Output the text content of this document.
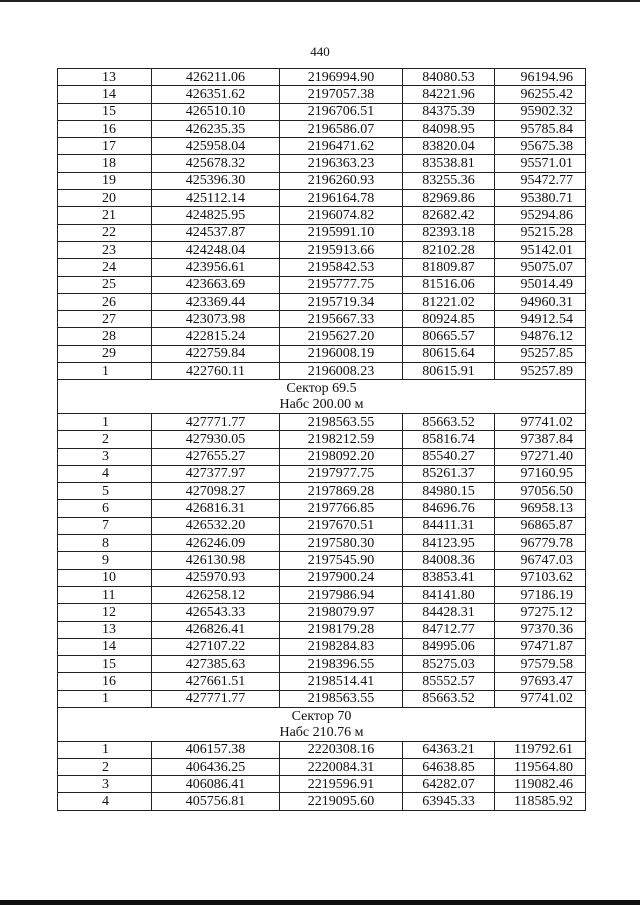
440
13	426211.06	2196994.90	84080.53	96194.96
14	426351.62	2197057.38	84221.96	96255.42
15	426510.10	2196706.51	84375.39	95902.32
16	426235.35	2196586.07	84098.95	95785.84
17	425958.04	2196471.62	83820.04	95675.38
18	425678.32	2196363.23	83538.81	95571.01
19	425396.30	2196260.93	83255.36	95472.77
20	425112.14	2196164.78	82969.86	95380.71
21	424825.95	2196074.82	82682.42	95294.86
22	424537.87	2195991.10	82393.18	95215.28
23	424248.04	2195913.66	82102.28	95142.01
24	423956.61	2195842.53	81809.87	95075.07
25	423663.69	2195777.75	81516.06	95014.49
26	423369.44	2195719.34	81221.02	94960.31
27	423073.98	2195667.33	80924.85	94912.54
28	422815.24	2195627.20	80665.57	94876.12
29	422759.84	2196008.19	80615.64	95257.85
1	422760.11	2196008.23	80615.91	95257.89
Сектор 69.5				
Набс 200.00 м				
1	427771.77	2198563.55	85663.52	97741.02
2	427930.05	2198212.59	85816.74	97387.84
3	427655.27	2198092.20	85540.27	97271.40
4	427377.97	2197977.75	85261.37	97160.95
5	427098.27	2197869.28	84980.15	97056.50
6	426816.31	2197766.85	84696.76	96958.13
7	426532.20	2197670.51	84411.31	96865.87
8	426246.09	2197580.30	84123.95	96779.78
9	426130.98	2197545.90	84008.36	96747.03
10	425970.93	2197900.24	83853.41	97103.62
11	426258.12	2197986.94	84141.80	97186.19
12	426543.33	2198079.97	84428.31	97275.12
13	426826.41	2198179.28	84712.77	97370.36
14	427107.22	2198284.83	84995.06	97471.87
15	427385.63	2198396.55	85275.03	97579.58
16	427661.51	2198514.41	85552.57	97693.47
1	427771.77	2198563.55	85663.52	97741.02
Сектор 70				
Набс 210.76 м				
1	406157.38	2220308.16	64363.21	119792.61
2	406436.25	2220084.31	64638.85	119564.80
3	406086.41	2219596.91	64282.07	119082.46
4	405756.81	2219095.60	63945.33	118585.92
